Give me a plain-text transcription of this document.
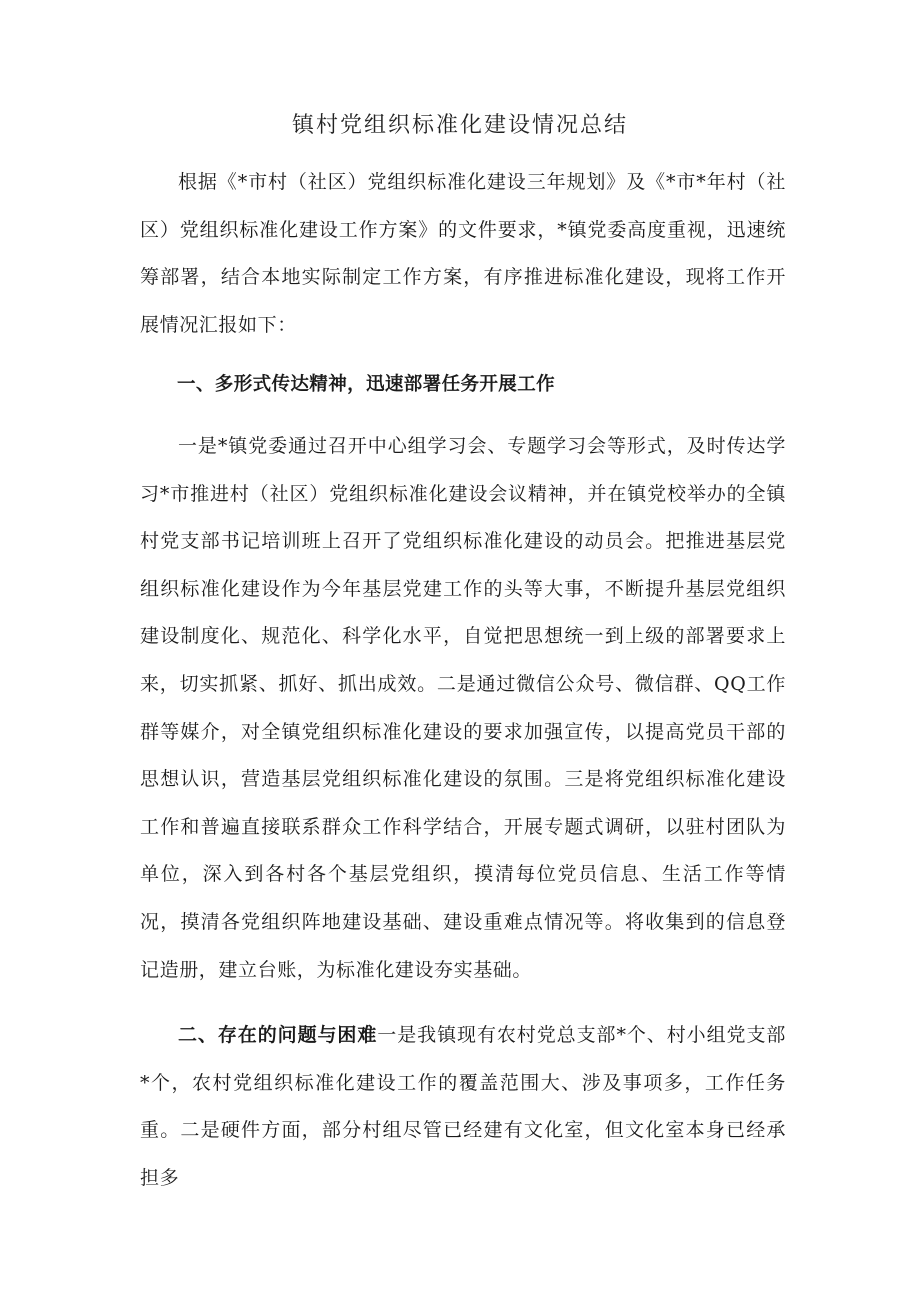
镇村党组织标准化建设情况总结

根据《*市村（社区）党组织标准化建设三年规划》及《*市*年村（社区）党组织标准化建设工作方案》的文件要求，*镇党委高度重视，迅速统筹部署，结合本地实际制定工作方案，有序推进标准化建设，现将工作开展情况汇报如下：

一、多形式传达精神，迅速部署任务开展工作

一是*镇党委通过召开中心组学习会、专题学习会等形式，及时传达学习*市推进村（社区）党组织标准化建设会议精神，并在镇党校举办的全镇村党支部书记培训班上召开了党组织标准化建设的动员会。把推进基层党组织标准化建设作为今年基层党建工作的头等大事，不断提升基层党组织建设制度化、规范化、科学化水平，自觉把思想统一到上级的部署要求上来，切实抓紧、抓好、抓出成效。二是通过微信公众号、微信群、QQ工作群等媒介，对全镇党组织标准化建设的要求加强宣传，以提高党员干部的思想认识，营造基层党组织标准化建设的氛围。三是将党组织标准化建设工作和普遍直接联系群众工作科学结合，开展专题式调研，以驻村团队为单位，深入到各村各个基层党组织，摸清每位党员信息、生活工作等情况，摸清各党组织阵地建设基础、建设重难点情况等。将收集到的信息登记造册，建立台账，为标准化建设夯实基础。

二、存在的问题与困难一是我镇现有农村党总支部*个、村小组党支部*个，农村党组织标准化建设工作的覆盖范围大、涉及事项多，工作任务重。二是硬件方面，部分村组尽管已经建有文化室，但文化室本身已经承担多
